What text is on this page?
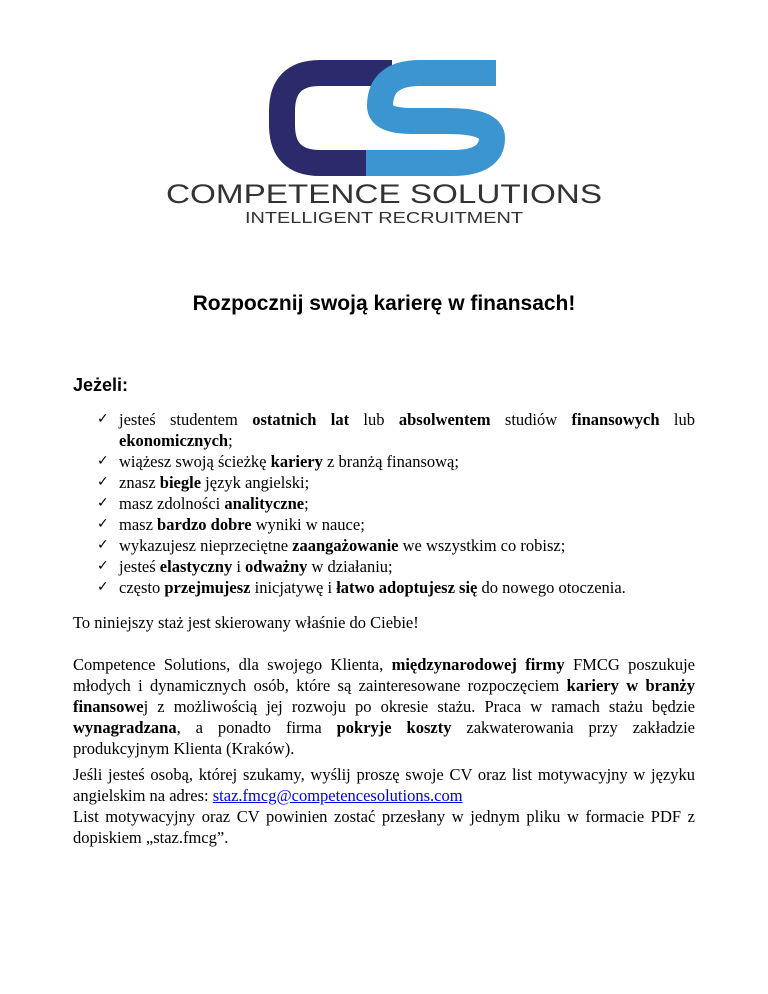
COMPETENCE SOLUTIONS
INTELLIGENT RECRUITMENT
Rozpocznij swoją karierę w finansach!
Jeżeli:
✓ jesteś studentem ostatnich lat lub absolwentem studiów finansowych lub ekonomicznych;
✓ wiążesz swoją ścieżkę kariery z branżą finansową;
✓ znasz biegle język angielski;
✓ masz zdolności analityczne;
✓ masz bardzo dobre wyniki w nauce;
✓ wykazujesz nieprzeciętne zaangażowanie we wszystkim co robisz;
✓ jesteś elastyczny i odważny w działaniu;
✓ często przejmujesz inicjatywę i łatwo adoptujesz się do nowego otoczenia.

To niniejszy staż jest skierowany właśnie do Ciebie!

Competence Solutions, dla swojego Klienta, międzynarodowej firmy FMCG poszukuje młodych i dynamicznych osób, które są zainteresowane rozpoczęciem kariery w branży finansowej z możliwością jej rozwoju po okresie stażu. Praca w ramach stażu będzie wynagradzana, a ponadto firma pokryje koszty zakwaterowania przy zakładzie produkcyjnym Klienta (Kraków).

Jeśli jesteś osobą, której szukamy, wyślij proszę swoje CV oraz list motywacyjny w języku angielskim na adres: staz.fmcg@competencesolutions.com
List motywacyjny oraz CV powinien zostać przesłany w jednym pliku w formacie PDF z dopiskiem „staz.fmcg”.
